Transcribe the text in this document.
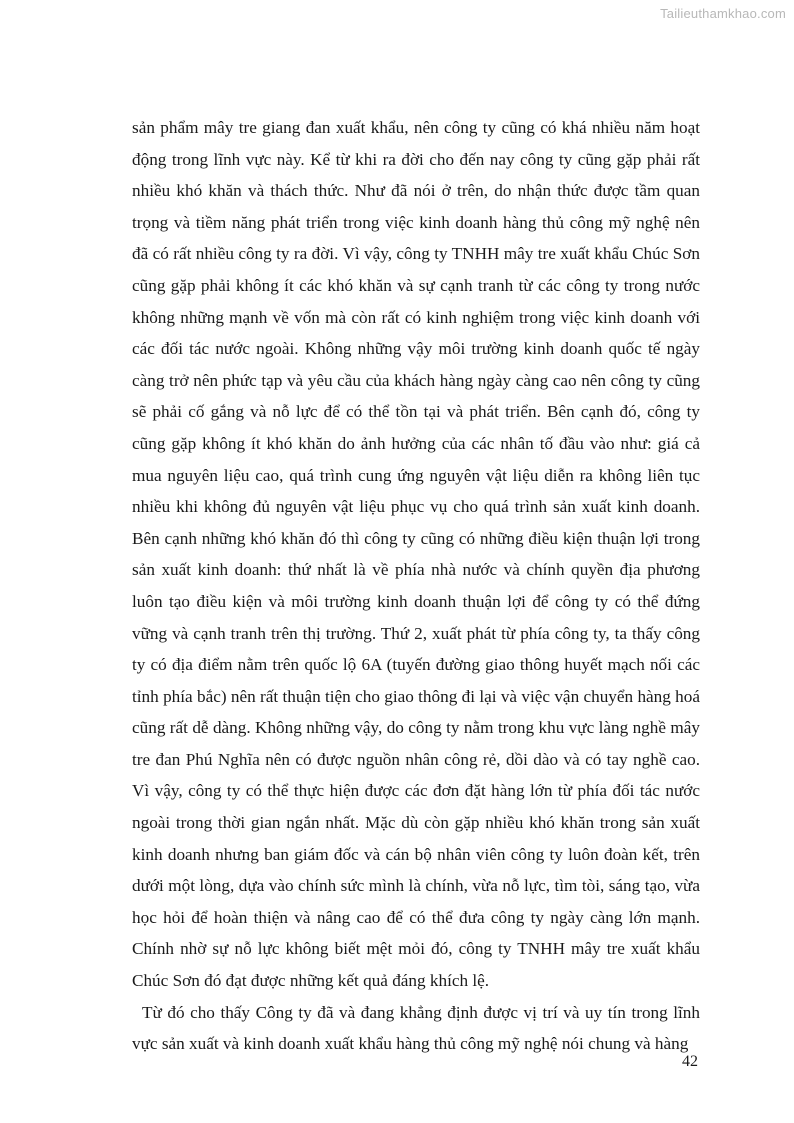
Tailieuthamkhao.com

sản phẩm mây tre giang đan xuất khẩu, nên công ty cũng có khá nhiều năm hoạt động trong lĩnh vực này. Kể từ khi ra đời cho đến nay công ty cũng gặp phải rất nhiều khó khăn và thách thức. Như đã nói ở trên, do nhận thức được tầm quan trọng và tiềm năng phát triển trong việc kinh doanh hàng thủ công mỹ nghệ nên đã có rất nhiều công ty ra đời. Vì vậy, công ty TNHH mây tre xuất khẩu Chúc Sơn cũng gặp phải không ít các khó khăn và sự cạnh tranh từ các công ty trong nước không những mạnh về vốn mà còn rất có kinh nghiệm trong việc kinh doanh với các đối tác nước ngoài. Không những vậy môi trường kinh doanh quốc tế ngày càng trở nên phức tạp và yêu cầu của khách hàng ngày càng cao nên công ty cũng sẽ phải cố gắng và nỗ lực để có thể tồn tại và phát triển. Bên cạnh đó, công ty cũng gặp không ít khó khăn do ảnh hưởng của các nhân tố đầu vào như: giá cả mua nguyên liệu cao, quá trình cung ứng nguyên vật liệu diễn ra không liên tục nhiều khi không đủ nguyên vật liệu phục vụ cho quá trình sản xuất kinh doanh. Bên cạnh những khó khăn đó thì công ty cũng có những điều kiện thuận lợi trong sản xuất kinh doanh: thứ nhất là về phía nhà nước và chính quyền địa phương luôn tạo điều kiện và môi trường kinh doanh thuận lợi để công ty có thể đứng vững và cạnh tranh trên thị trường. Thứ 2, xuất phát từ phía công ty, ta thấy công ty có địa điểm nằm trên quốc lộ 6A (tuyến đường giao thông huyết mạch nối các tỉnh phía bắc) nên rất thuận tiện cho giao thông đi lại và việc vận chuyển hàng hoá cũng rất dễ dàng. Không những vậy, do công ty nằm trong khu vực làng nghề mây tre đan Phú Nghĩa nên có được nguồn nhân công rẻ, dồi dào và có tay nghề cao. Vì vậy, công ty có thể thực hiện được các đơn đặt hàng lớn từ phía đối tác nước ngoài trong thời gian ngắn nhất. Mặc dù còn gặp nhiều khó khăn trong sản xuất kinh doanh nhưng ban giám đốc và cán bộ nhân viên công ty luôn đoàn kết, trên dưới một lòng, dựa vào chính sức mình là chính, vừa nỗ lực, tìm tòi, sáng tạo, vừa học hỏi để hoàn thiện và nâng cao để có thể đưa công ty ngày càng lớn mạnh. Chính nhờ sự nỗ lực không biết mệt mỏi đó, công ty TNHH mây tre xuất khẩu Chúc Sơn đó đạt được những kết quả đáng khích lệ.

Từ đó cho thấy Công ty đã và đang khẳng định được vị trí và uy tín trong lĩnh vực sản xuất và kinh doanh xuất khẩu hàng thủ công mỹ nghệ nói chung và hàng

42
